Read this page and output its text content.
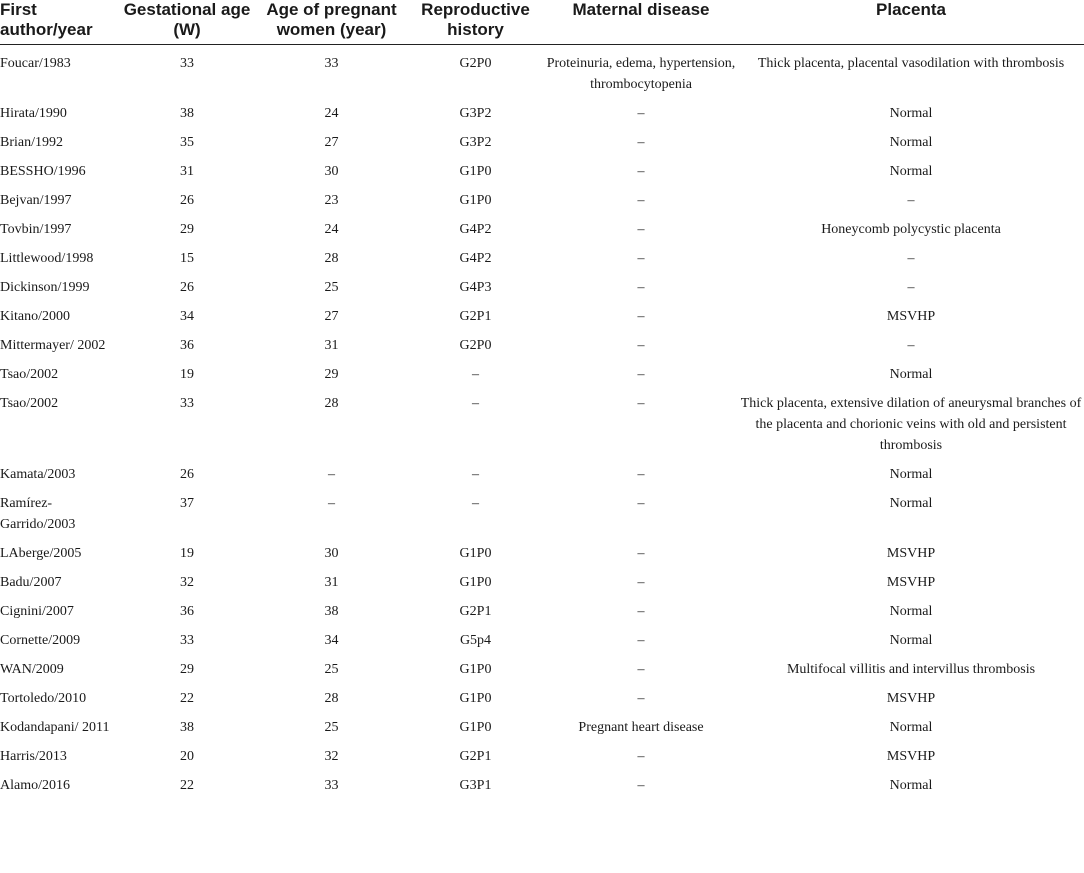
First author/year	Gestational age (W)	Age of pregnant women (year)	Reproductive history	Maternal disease	Placenta
Foucar/1983	33	33	G2P0	Proteinuria, edema, hypertension, thrombocytopenia	Thick placenta, placental vasodilation with thrombosis
Hirata/1990	38	24	G3P2	–	Normal
Brian/1992	35	27	G3P2	–	Normal
BESSHO/1996	31	30	G1P0	–	Normal
Bejvan/1997	26	23	G1P0	–	–
Tovbin/1997	29	24	G4P2	–	Honeycomb polycystic placenta
Littlewood/1998	15	28	G4P2	–	–
Dickinson/1999	26	25	G4P3	–	–
Kitano/2000	34	27	G2P1	–	MSVHP
Mittermayer/ 2002	36	31	G2P0	–	–
Tsao/2002	19	29	–	–	Normal
Tsao/2002	33	28	–	–	Thick placenta, extensive dilation of aneurysmal branches of the placenta and chorionic veins with old and persistent thrombosis
Kamata/2003	26	–	–	–	Normal
Ramírez-Garrido/2003	37	–	–	–	Normal
LAberge/2005	19	30	G1P0	–	MSVHP
Badu/2007	32	31	G1P0	–	MSVHP
Cignini/2007	36	38	G2P1	–	Normal
Cornette/2009	33	34	G5p4	–	Normal
WAN/2009	29	25	G1P0	–	Multifocal villitis and intervillus thrombosis
Tortoledo/2010	22	28	G1P0	–	MSVHP
Kodandapani/ 2011	38	25	G1P0	Pregnant heart disease	Normal
Harris/2013	20	32	G2P1	–	MSVHP
Alamo/2016	22	33	G3P1	–	Normal
